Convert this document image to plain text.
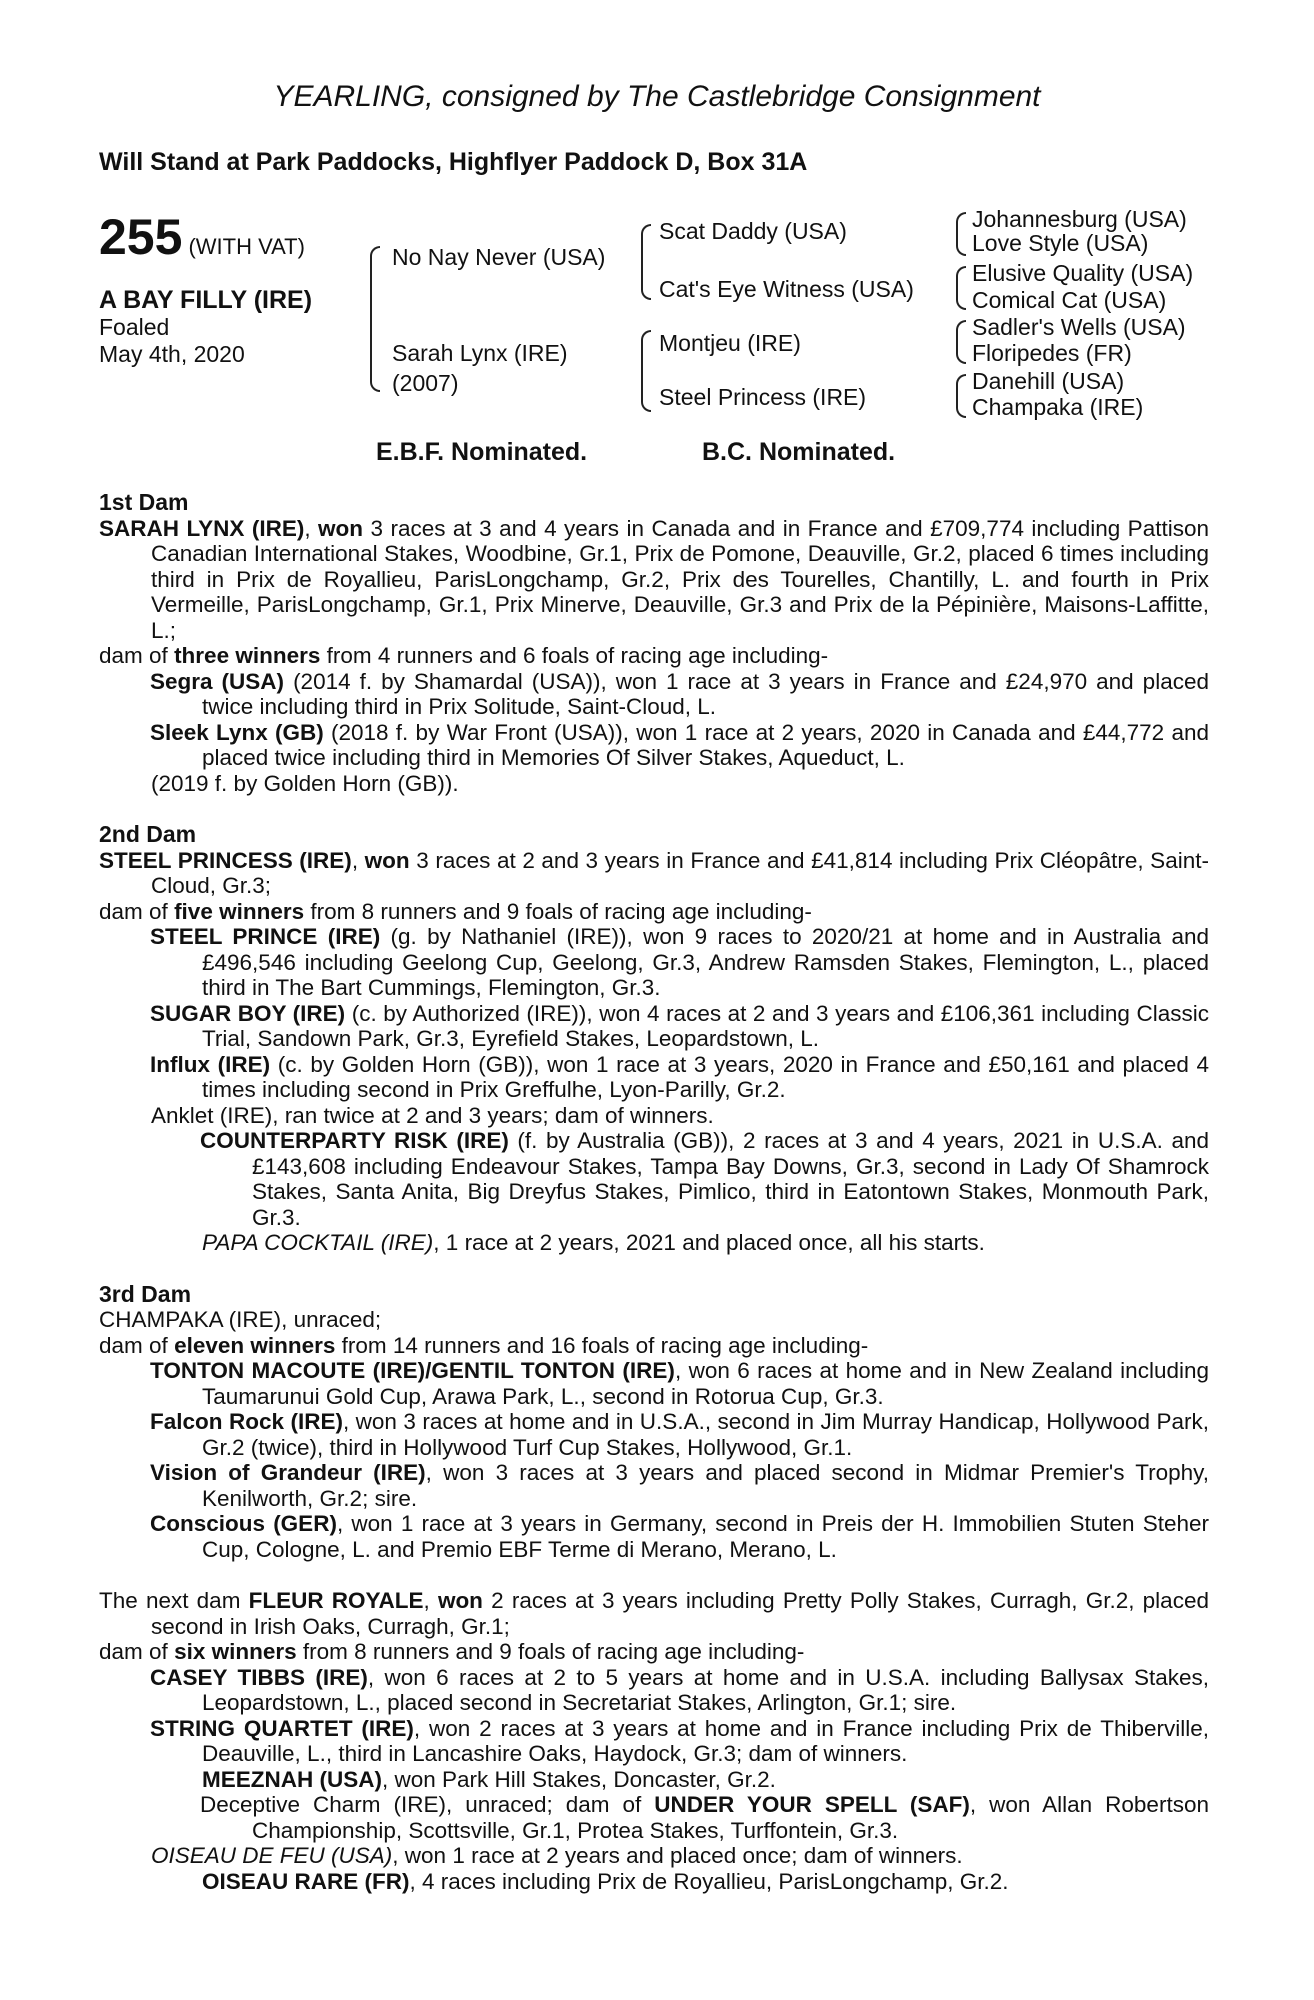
YEARLING, consigned by The Castlebridge Consignment
Will Stand at Park Paddocks, Highflyer Paddock D, Box 31A
255 (WITH VAT)
A BAY FILLY (IRE)
Foaled
May 4th, 2020
No Nay Never (USA)
Sarah Lynx (IRE)
(2007)
Scat Daddy (USA)
Cat's Eye Witness (USA)
Montjeu (IRE)
Steel Princess (IRE)
Johannesburg (USA)
Love Style (USA)
Elusive Quality (USA)
Comical Cat (USA)
Sadler's Wells (USA)
Floripedes (FR)
Danehill (USA)
Champaka (IRE)
E.B.F. Nominated.	B.C. Nominated.
1st Dam
SARAH LYNX (IRE), won 3 races at 3 and 4 years in Canada and in France and £709,774 including Pattison Canadian International Stakes, Woodbine, Gr.1, Prix de Pomone, Deauville, Gr.2, placed 6 times including third in Prix de Royallieu, ParisLongchamp, Gr.2, Prix des Tourelles, Chantilly, L. and fourth in Prix Vermeille, ParisLongchamp, Gr.1, Prix Minerve, Deauville, Gr.3 and Prix de la Pépinière, Maisons-Laffitte, L.;
dam of three winners from 4 runners and 6 foals of racing age including-
Segra (USA) (2014 f. by Shamardal (USA)), won 1 race at 3 years in France and £24,970 and placed twice including third in Prix Solitude, Saint-Cloud, L.
Sleek Lynx (GB) (2018 f. by War Front (USA)), won 1 race at 2 years, 2020 in Canada and £44,772 and placed twice including third in Memories Of Silver Stakes, Aqueduct, L.
(2019 f. by Golden Horn (GB)).
2nd Dam
STEEL PRINCESS (IRE), won 3 races at 2 and 3 years in France and £41,814 including Prix Cléopâtre, Saint-Cloud, Gr.3;
dam of five winners from 8 runners and 9 foals of racing age including-
STEEL PRINCE (IRE) (g. by Nathaniel (IRE)), won 9 races to 2020/21 at home and in Australia and £496,546 including Geelong Cup, Geelong, Gr.3, Andrew Ramsden Stakes, Flemington, L., placed third in The Bart Cummings, Flemington, Gr.3.
SUGAR BOY (IRE) (c. by Authorized (IRE)), won 4 races at 2 and 3 years and £106,361 including Classic Trial, Sandown Park, Gr.3, Eyrefield Stakes, Leopardstown, L.
Influx (IRE) (c. by Golden Horn (GB)), won 1 race at 3 years, 2020 in France and £50,161 and placed 4 times including second in Prix Greffulhe, Lyon-Parilly, Gr.2.
Anklet (IRE), ran twice at 2 and 3 years; dam of winners.
COUNTERPARTY RISK (IRE) (f. by Australia (GB)), 2 races at 3 and 4 years, 2021 in U.S.A. and £143,608 including Endeavour Stakes, Tampa Bay Downs, Gr.3, second in Lady Of Shamrock Stakes, Santa Anita, Big Dreyfus Stakes, Pimlico, third in Eatontown Stakes, Monmouth Park, Gr.3.
PAPA COCKTAIL (IRE), 1 race at 2 years, 2021 and placed once, all his starts.
3rd Dam
CHAMPAKA (IRE), unraced;
dam of eleven winners from 14 runners and 16 foals of racing age including-
TONTON MACOUTE (IRE)/GENTIL TONTON (IRE), won 6 races at home and in New Zealand including Taumarunui Gold Cup, Arawa Park, L., second in Rotorua Cup, Gr.3.
Falcon Rock (IRE), won 3 races at home and in U.S.A., second in Jim Murray Handicap, Hollywood Park, Gr.2 (twice), third in Hollywood Turf Cup Stakes, Hollywood, Gr.1.
Vision of Grandeur (IRE), won 3 races at 3 years and placed second in Midmar Premier's Trophy, Kenilworth, Gr.2; sire.
Conscious (GER), won 1 race at 3 years in Germany, second in Preis der H. Immobilien Stuten Steher Cup, Cologne, L. and Premio EBF Terme di Merano, Merano, L.
The next dam FLEUR ROYALE, won 2 races at 3 years including Pretty Polly Stakes, Curragh, Gr.2, placed second in Irish Oaks, Curragh, Gr.1;
dam of six winners from 8 runners and 9 foals of racing age including-
CASEY TIBBS (IRE), won 6 races at 2 to 5 years at home and in U.S.A. including Ballysax Stakes, Leopardstown, L., placed second in Secretariat Stakes, Arlington, Gr.1; sire.
STRING QUARTET (IRE), won 2 races at 3 years at home and in France including Prix de Thiberville, Deauville, L., third in Lancashire Oaks, Haydock, Gr.3; dam of winners.
MEEZNAH (USA), won Park Hill Stakes, Doncaster, Gr.2.
Deceptive Charm (IRE), unraced; dam of UNDER YOUR SPELL (SAF), won Allan Robertson Championship, Scottsville, Gr.1, Protea Stakes, Turffontein, Gr.3.
OISEAU DE FEU (USA), won 1 race at 2 years and placed once; dam of winners.
OISEAU RARE (FR), 4 races including Prix de Royallieu, ParisLongchamp, Gr.2.
